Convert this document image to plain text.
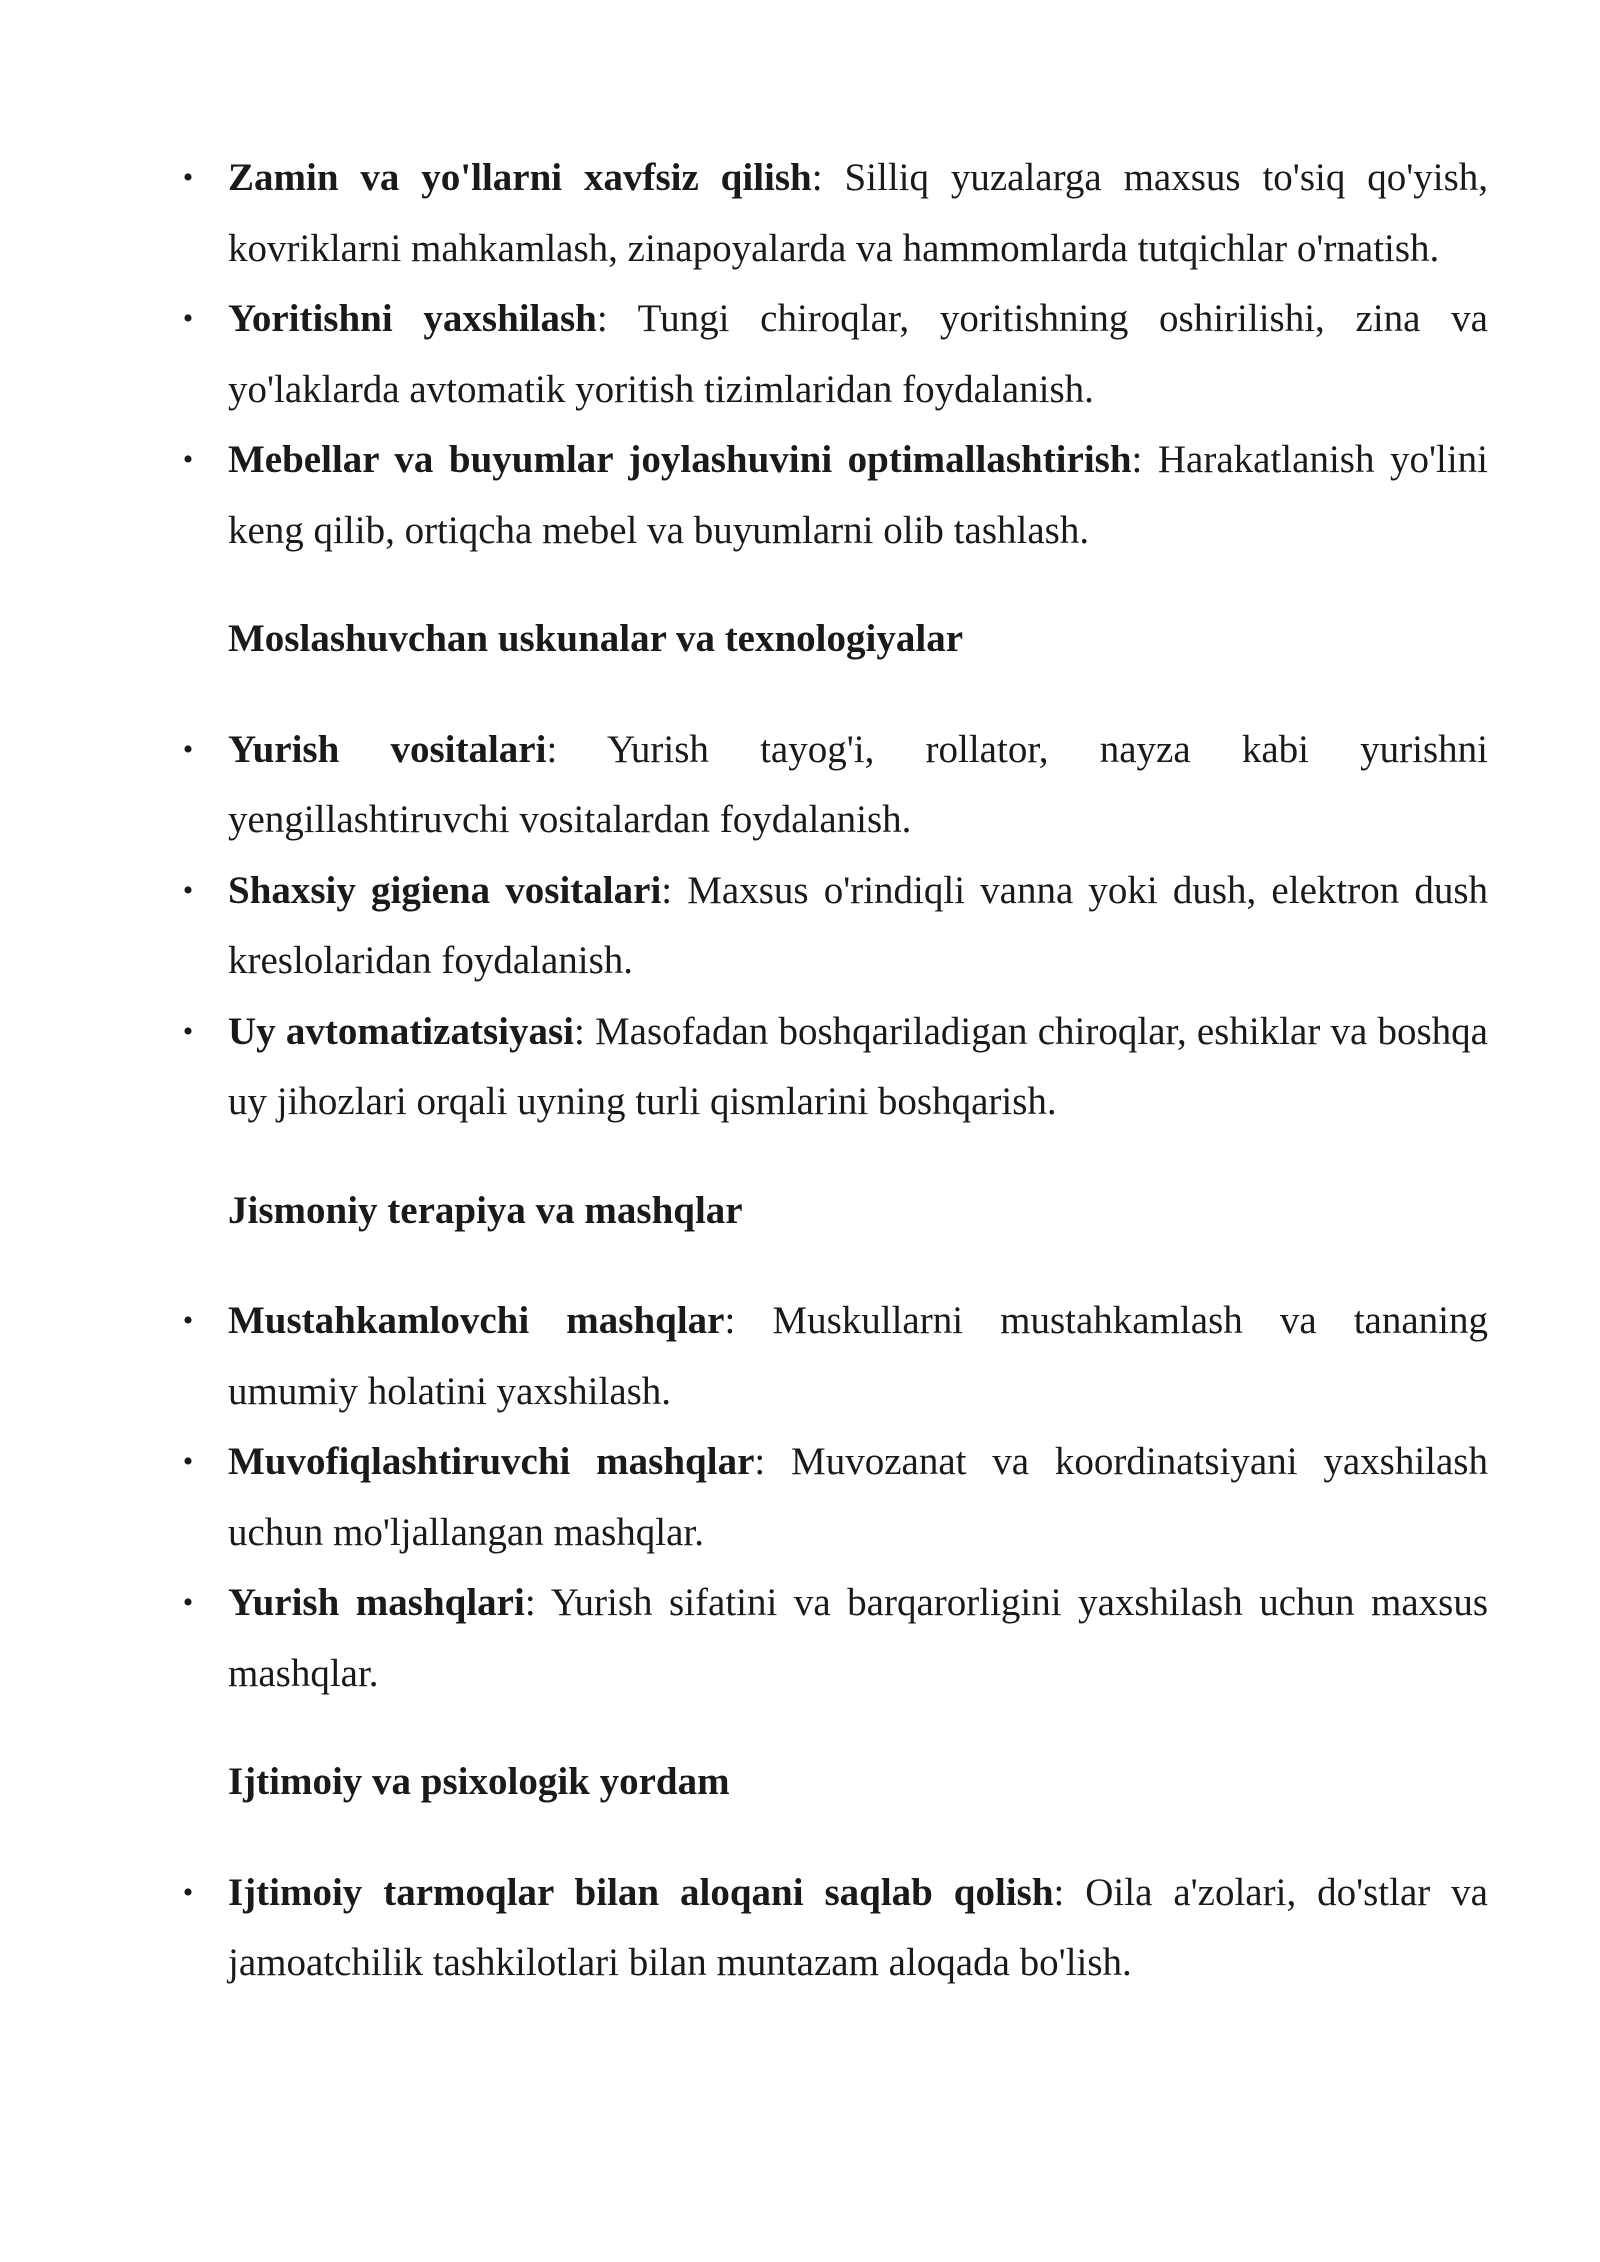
• Zamin va yo'llarni xavfsiz qilish: Silliq yuzalarga maxsus to'siq qo'yish, kovriklarni mahkamlash, zinapoyalarda va hammomlarda tutqichlar o'rnatish.

• Yoritishni yaxshilash: Tungi chiroqlar, yoritishning oshirilishi, zina va yo'laklarda avtomatik yoritish tizimlaridan foydalanish.

• Mebellar va buyumlar joylashuvini optimallashtirish: Harakatlanish yo'lini keng qilib, ortiqcha mebel va buyumlarni olib tashlash.

Moslashuvchan uskunalar va texnologiyalar

• Yurish vositalari: Yurish tayog'i, rollator, nayza kabi yurishni yengillashtiruvchi vositalardan foydalanish.

• Shaxsiy gigiena vositalari: Maxsus o'rindiqli vanna yoki dush, elektron dush kreslolaridan foydalanish.

• Uy avtomatizatsiyasi: Masofadan boshqariladigan chiroqlar, eshiklar va boshqa uy jihozlari orqali uyning turli qismlarini boshqarish.

Jismoniy terapiya va mashqlar

• Mustahkamlovchi mashqlar: Muskullarni mustahkamlash va tananing umumiy holatini yaxshilash.

• Muvofiqlashtiruvchi mashqlar: Muvozanat va koordinatsiyani yaxshilash uchun mo'ljallangan mashqlar.

• Yurish mashqlari: Yurish sifatini va barqarorligini yaxshilash uchun maxsus mashqlar.

Ijtimoiy va psixologik yordam

• Ijtimoiy tarmoqlar bilan aloqani saqlab qolish: Oila a'zolari, do'stlar va jamoatchilik tashkilotlari bilan muntazam aloqada bo'lish.
